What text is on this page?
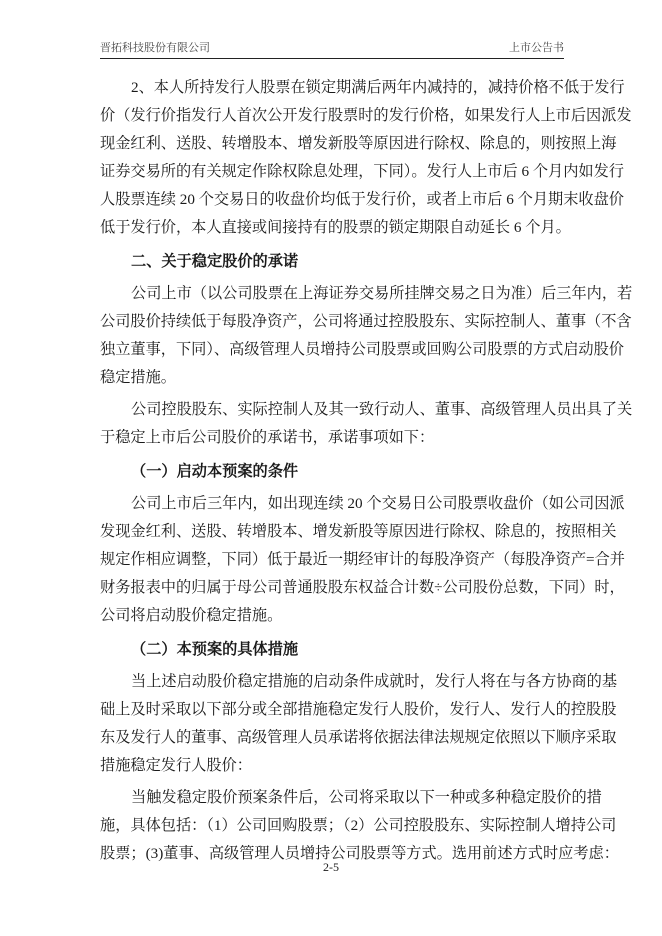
晋拓科技股份有限公司	上市公告书
2、本人所持发行人股票在锁定期满后两年内减持的，减持价格不低于发行
价（发行价指发行人首次公开发行股票时的发行价格，如果发行人上市后因派发
现金红利、送股、转增股本、增发新股等原因进行除权、除息的，则按照上海
证券交易所的有关规定作除权除息处理，下同）。发行人上市后 6 个月内如发行
人股票连续 20 个交易日的收盘价均低于发行价，或者上市后 6 个月期末收盘价
低于发行价，本人直接或间接持有的股票的锁定期限自动延长 6 个月。
二、关于稳定股价的承诺
公司上市（以公司股票在上海证券交易所挂牌交易之日为准）后三年内，若
公司股价持续低于每股净资产，公司将通过控股股东、实际控制人、董事（不含
独立董事，下同）、高级管理人员增持公司股票或回购公司股票的方式启动股价
稳定措施。
公司控股股东、实际控制人及其一致行动人、董事、高级管理人员出具了关
于稳定上市后公司股价的承诺书，承诺事项如下：
（一）启动本预案的条件
公司上市后三年内，如出现连续 20 个交易日公司股票收盘价（如公司因派
发现金红利、送股、转增股本、增发新股等原因进行除权、除息的，按照相关
规定作相应调整，下同）低于最近一期经审计的每股净资产（每股净资产=合并
财务报表中的归属于母公司普通股股东权益合计数÷公司股份总数，下同）时，
公司将启动股价稳定措施。
（二）本预案的具体措施
当上述启动股价稳定措施的启动条件成就时，发行人将在与各方协商的基
础上及时采取以下部分或全部措施稳定发行人股价，发行人、发行人的控股股
东及发行人的董事、高级管理人员承诺将依据法律法规规定依照以下顺序采取
措施稳定发行人股价：
当触发稳定股价预案条件后，公司将采取以下一种或多种稳定股价的措
施，具体包括：（1）公司回购股票；（2）公司控股股东、实际控制人增持公司
股票；(3)董事、高级管理人员增持公司股票等方式。选用前述方式时应考虑：
2-5
